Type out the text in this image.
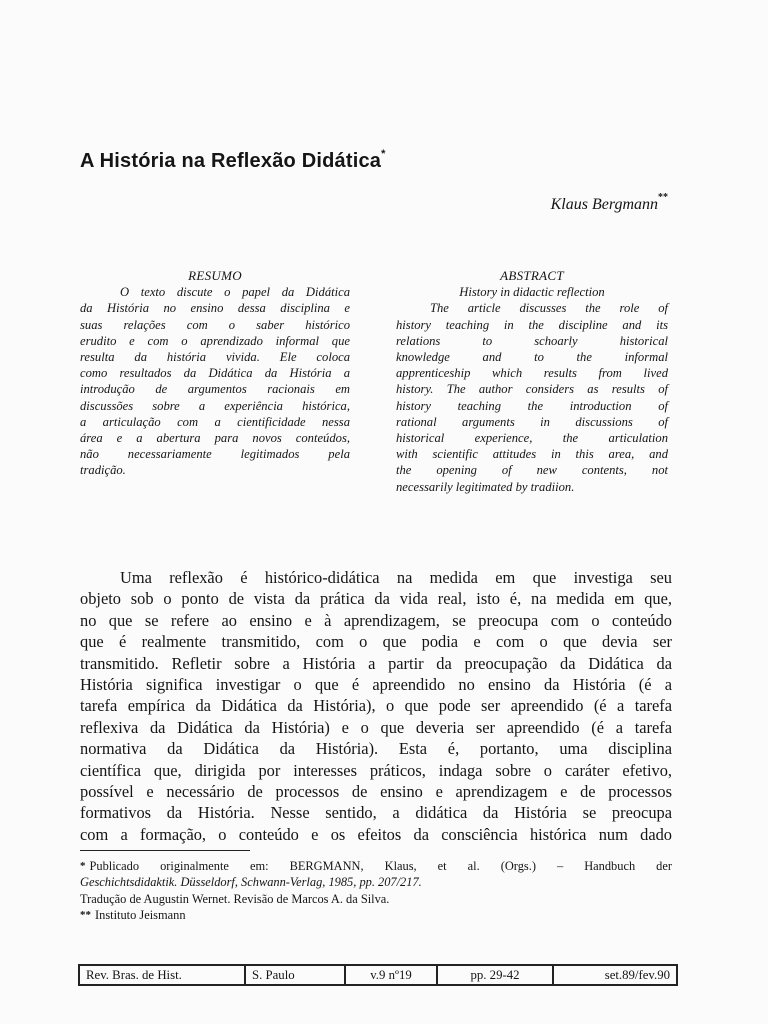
A História na Reflexão Didática*
Klaus Bergmann**
RESUMO
O texto discute o papel da Didática
da História no ensino dessa disciplina e
suas relações com o saber histórico
erudito e com o aprendizado informal que
resulta da história vivida. Ele coloca
como resultados da Didática da História a
introdução de argumentos racionais em
discussões sobre a experiência histórica,
a articulação com a cientificidade nessa
área e a abertura para novos conteúdos,
não necessariamente legitimados pela
tradição.
ABSTRACT
History in didactic reflection
The article discusses the role of
history teaching in the discipline and its
relations to schoarly historical
knowledge and to the informal
apprenticeship which results from lived
history. The author considers as results of
history teaching the introduction of
rational arguments in discussions of
historical experience, the articulation
with scientific attitudes in this area, and
the opening of new contents, not
necessarily legitimated by tradiion.
Uma reflexão é histórico-didática na medida em que investiga seu
objeto sob o ponto de vista da prática da vida real, isto é, na medida em que,
no que se refere ao ensino e à aprendizagem, se preocupa com o conteúdo
que é realmente transmitido, com o que podia e com o que devia ser
transmitido. Refletir sobre a História a partir da preocupação da Didática da
História significa investigar o que é apreendido no ensino da História (é a
tarefa empírica da Didática da História), o que pode ser apreendido (é a tarefa
reflexiva da Didática da História) e o que deveria ser apreendido (é a tarefa
normativa da Didática da História). Esta é, portanto, uma disciplina
científica que, dirigida por interesses práticos, indaga sobre o caráter efetivo,
possível e necessário de processos de ensino e aprendizagem e de processos
formativos da História. Nesse sentido, a didática da História se preocupa
com a formação, o conteúdo e os efeitos da consciência histórica num dado
* Publicado originalmente em: BERGMANN, Klaus, et al. (Orgs.) – Handbuch der
Geschichtsdidaktik. Düsseldorf, Schwann-Verlag, 1985, pp. 207/217.
Tradução de Augustin Wernet. Revisão de Marcos A. da Silva.
** Instituto Jeismann
Rev. Bras. de Hist.	S. Paulo	v.9 nº19	pp. 29-42	set.89/fev.90
